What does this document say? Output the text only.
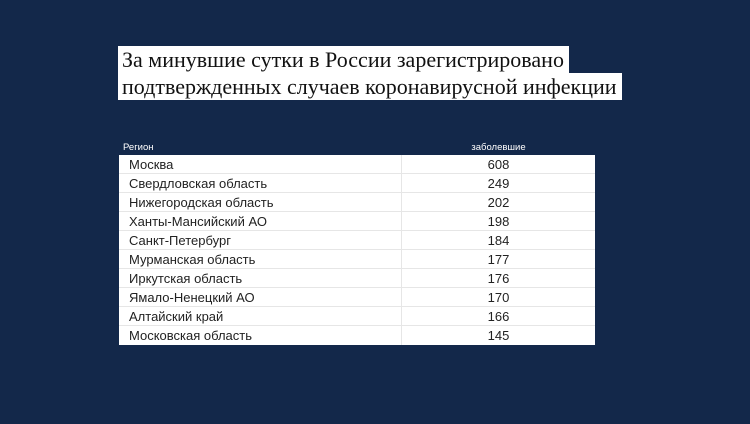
За минувшие сутки в России зарегистрировано
подтвержденных случаев коронавирусной инфекции
Регион	заболевшие
Москва	608
Свердловская область	249
Нижегородская область	202
Ханты-Мансийский АО	198
Санкт-Петербург	184
Мурманская область	177
Иркутская область	176
Ямало-Ненецкий АО	170
Алтайский край	166
Московская область	145
